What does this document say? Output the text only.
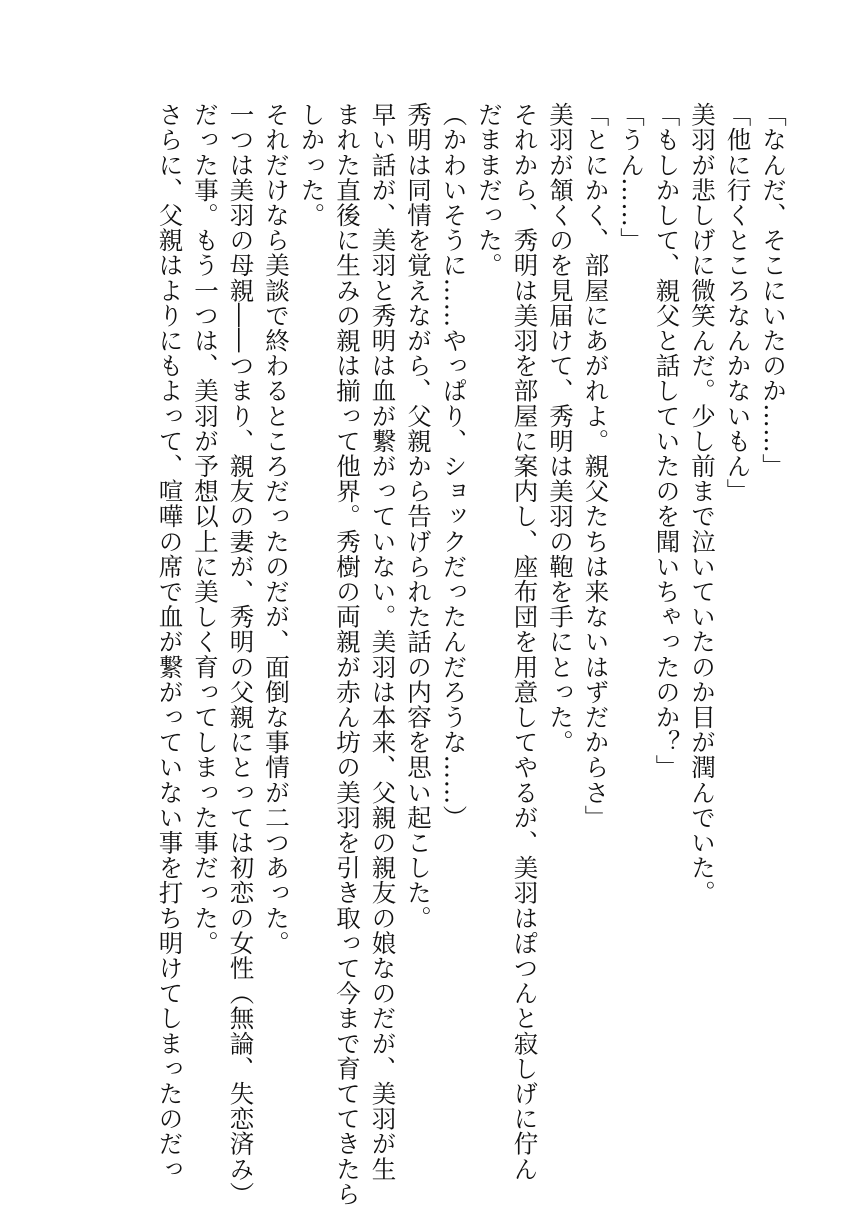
「なんだ、そこにいたのか……」
「他に行くところなんかないもん」
美羽が悲しげに微笑んだ。少し前まで泣いていたのか目が潤んでいた。
「もしかして、親父と話していたのを聞いちゃったのか？」
「うん……」
「とにかく、部屋にあがれよ。親父たちは来ないはずだからさ」
美羽が頷くのを見届けて、秀明は美羽の鞄を手にとった。
それから、秀明は美羽を部屋に案内し、座布団を用意してやるが、美羽はぽつんと寂しげに佇ん
だままだった。
（かわいそうに……やっぱり、ショックだったんだろうな……）
秀明は同情を覚えながら、父親から告げられた話の内容を思い起こした。
早い話が、美羽と秀明は血が繋がっていない。美羽は本来、父親の親友の娘なのだが、美羽が生
まれた直後に生みの親は揃って他界。秀樹の両親が赤ん坊の美羽を引き取って今まで育ててきたら
しかった。
それだけなら美談で終わるところだったのだが、面倒な事情が二つあった。
一つは美羽の母親――つまり、親友の妻が、秀明の父親にとっては初恋の女性（無論、失恋済み）
だった事。もう一つは、美羽が予想以上に美しく育ってしまった事だった。
さらに、父親はよりにもよって、喧嘩の席で血が繋がっていない事を打ち明けてしまったのだっ
